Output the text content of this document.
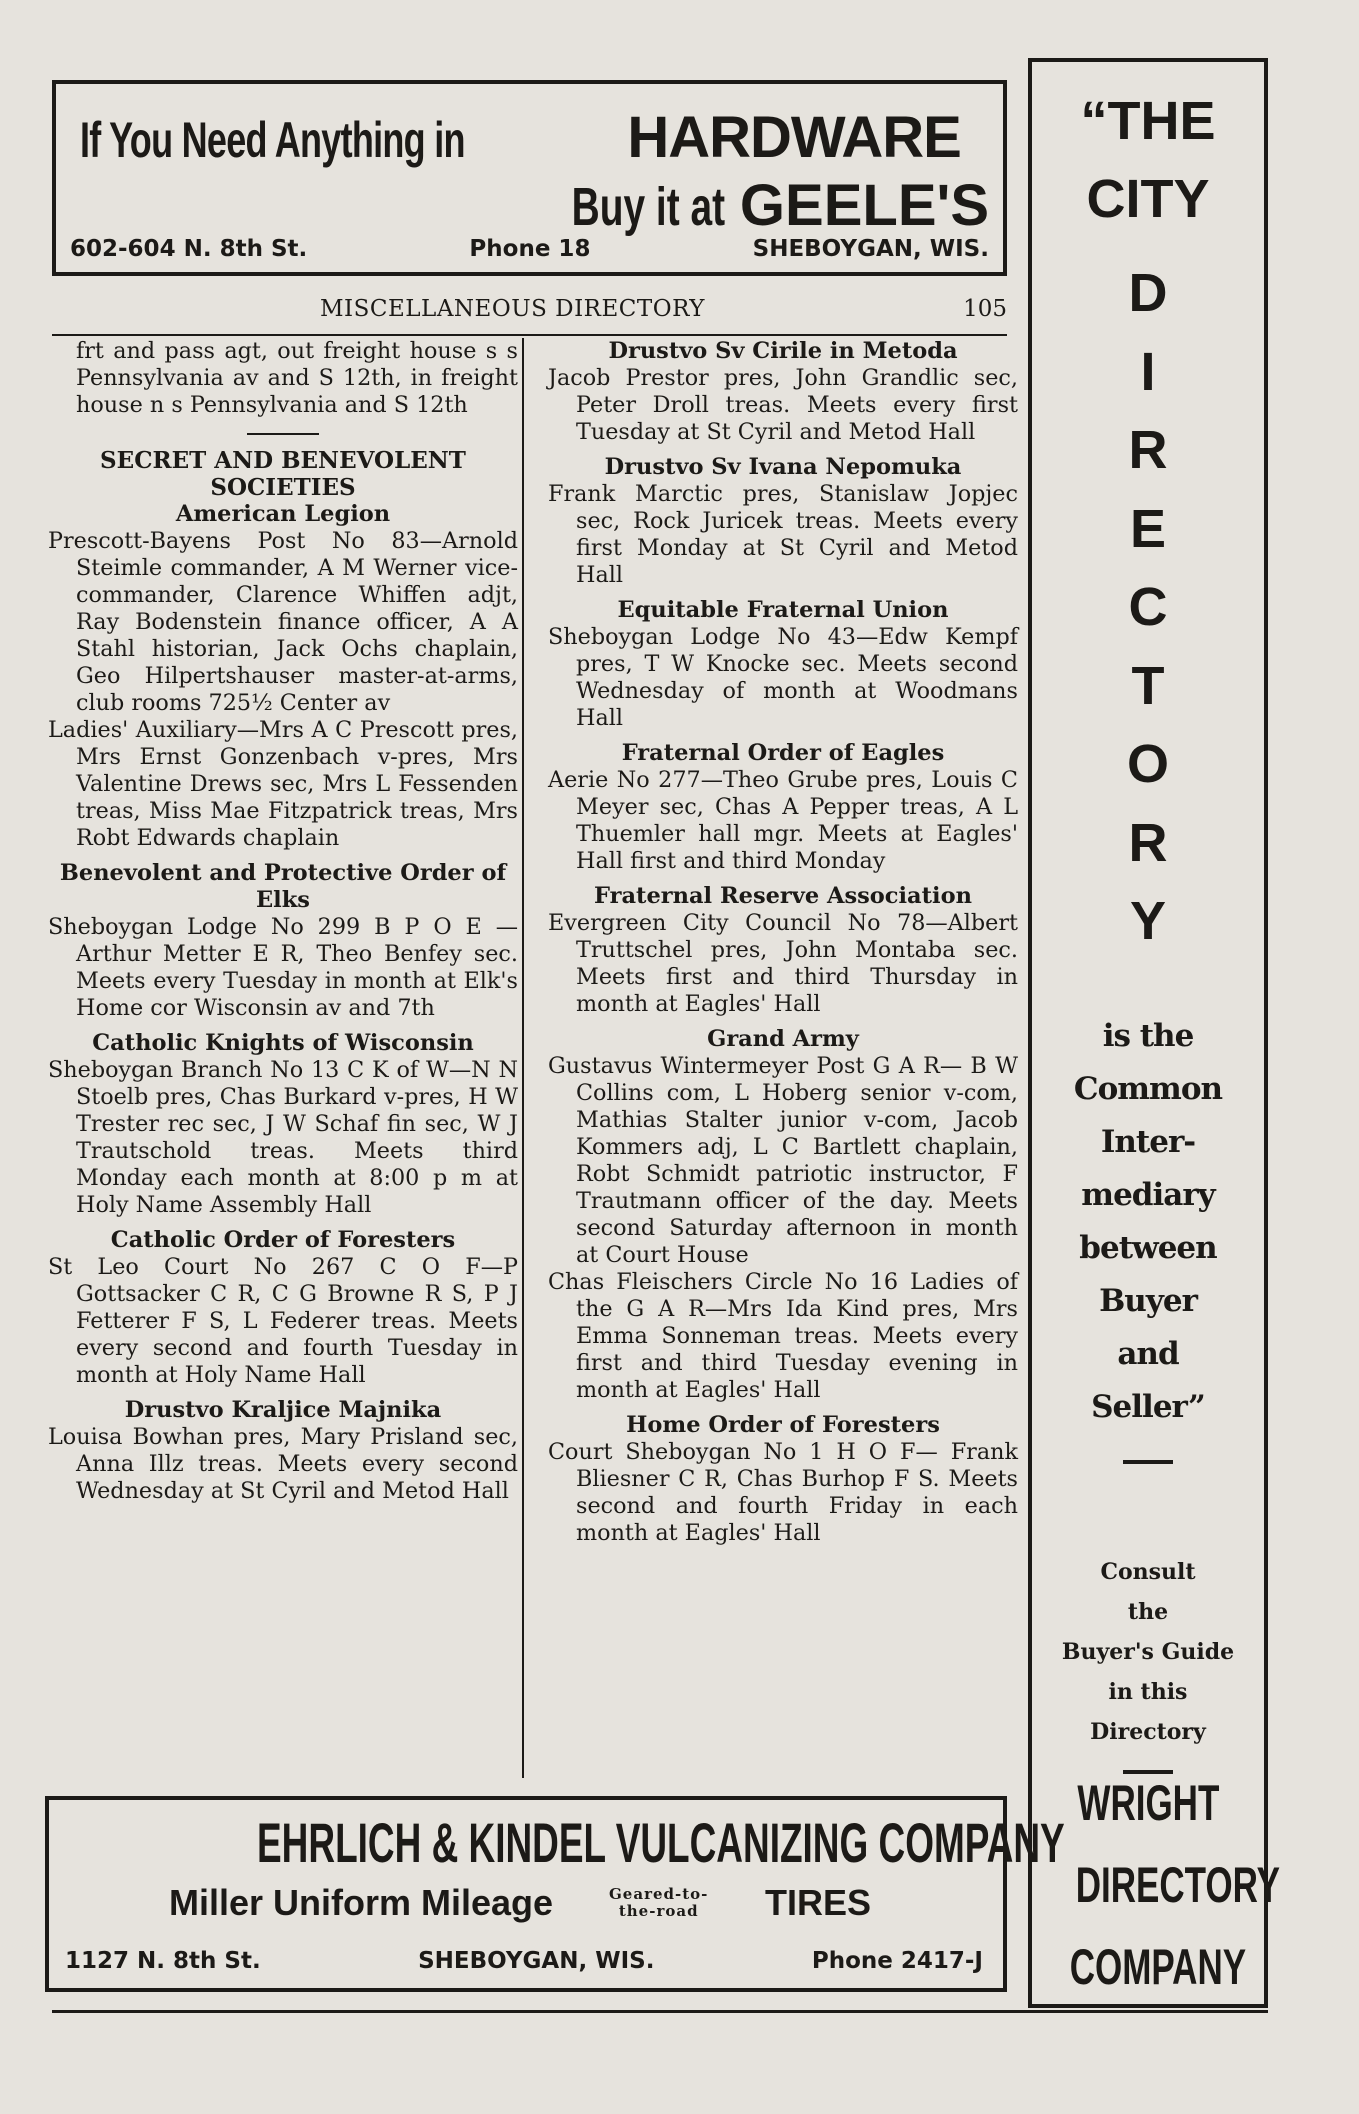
If You Need Anything in	HARDWARE
Buy it at GEELE'S
602-604 N. 8th St.	Phone 18	SHEBOYGAN, WIS.
MISCELLANEOUS DIRECTORY	105
frt and pass agt, out freight house s s Pennsylvania av and S 12th, in freight house n s Pennsylvania and S 12th
SECRET AND BENEVOLENT
SOCIETIES
American Legion
Prescott-Bayens Post No 83—Arnold Steimle commander, A M Werner vice-commander, Clarence Whiffen adjt, Ray Bodenstein finance officer, A A Stahl historian, Jack Ochs chaplain, Geo Hilpertshauser master-at-arms, club rooms 725½ Center av
Ladies' Auxiliary—Mrs A C Prescott pres, Mrs Ernst Gonzenbach v-pres, Mrs Valentine Drews sec, Mrs L Fessenden treas, Miss Mae Fitzpatrick treas, Mrs Robt Edwards chaplain
Benevolent and Protective Order of Elks
Sheboygan Lodge No 299 B P O E —Arthur Metter E R, Theo Benfey sec. Meets every Tuesday in month at Elk's Home cor Wisconsin av and 7th
Catholic Knights of Wisconsin
Sheboygan Branch No 13 C K of W—N N Stoelb pres, Chas Burkard v-pres, H W Trester rec sec, J W Schaf fin sec, W J Trautschold treas. Meets third Monday each month at 8:00 p m at Holy Name Assembly Hall
Catholic Order of Foresters
St Leo Court No 267 C O F—P Gottsacker C R, C G Browne R S, P J Fetterer F S, L Federer treas. Meets every second and fourth Tuesday in month at Holy Name Hall
Drustvo Kraljice Majnika
Louisa Bowhan pres, Mary Prisland sec, Anna Illz treas. Meets every second Wednesday at St Cyril and Metod Hall
Drustvo Sv Cirile in Metoda
Jacob Prestor pres, John Grandlic sec, Peter Droll treas. Meets every first Tuesday at St Cyril and Metod Hall
Drustvo Sv Ivana Nepomuka
Frank Marctic pres, Stanislaw Jopjec sec, Rock Juricek treas. Meets every first Monday at St Cyril and Metod Hall
Equitable Fraternal Union
Sheboygan Lodge No 43—Edw Kempf pres, T W Knocke sec. Meets second Wednesday of month at Woodmans Hall
Fraternal Order of Eagles
Aerie No 277—Theo Grube pres, Louis C Meyer sec, Chas A Pepper treas, A L Thuemler hall mgr. Meets at Eagles' Hall first and third Monday
Fraternal Reserve Association
Evergreen City Council No 78—Albert Truttschel pres, John Montaba sec. Meets first and third Thursday in month at Eagles' Hall
Grand Army
Gustavus Wintermeyer Post G A R— B W Collins com, L Hoberg senior v-com, Mathias Stalter junior v-com, Jacob Kommers adj, L C Bartlett chaplain, Robt Schmidt patriotic instructor, F Trautmann officer of the day. Meets second Saturday afternoon in month at Court House
Chas Fleischers Circle No 16 Ladies of the G A R—Mrs Ida Kind pres, Mrs Emma Sonneman treas. Meets every first and third Tuesday evening in month at Eagles' Hall
Home Order of Foresters
Court Sheboygan No 1 H O F— Frank Bliesner C R, Chas Burhop F S. Meets second and fourth Friday in each month at Eagles' Hall
EHRLICH & KINDEL VULCANIZING COMPANY
Miller Uniform Mileage	Geared-to-
the-road TIRES
1127 N. 8th St.	SHEBOYGAN, WIS.	Phone 2417-J
“THE
CITY
D
I
R
E
C
T
O
R
Y
is the
Common
Inter-
mediary
between
Buyer
and
Seller”
Consult
the
Buyer's Guide
in this
Directory
WRIGHT
DIRECTORY
COMPANY
